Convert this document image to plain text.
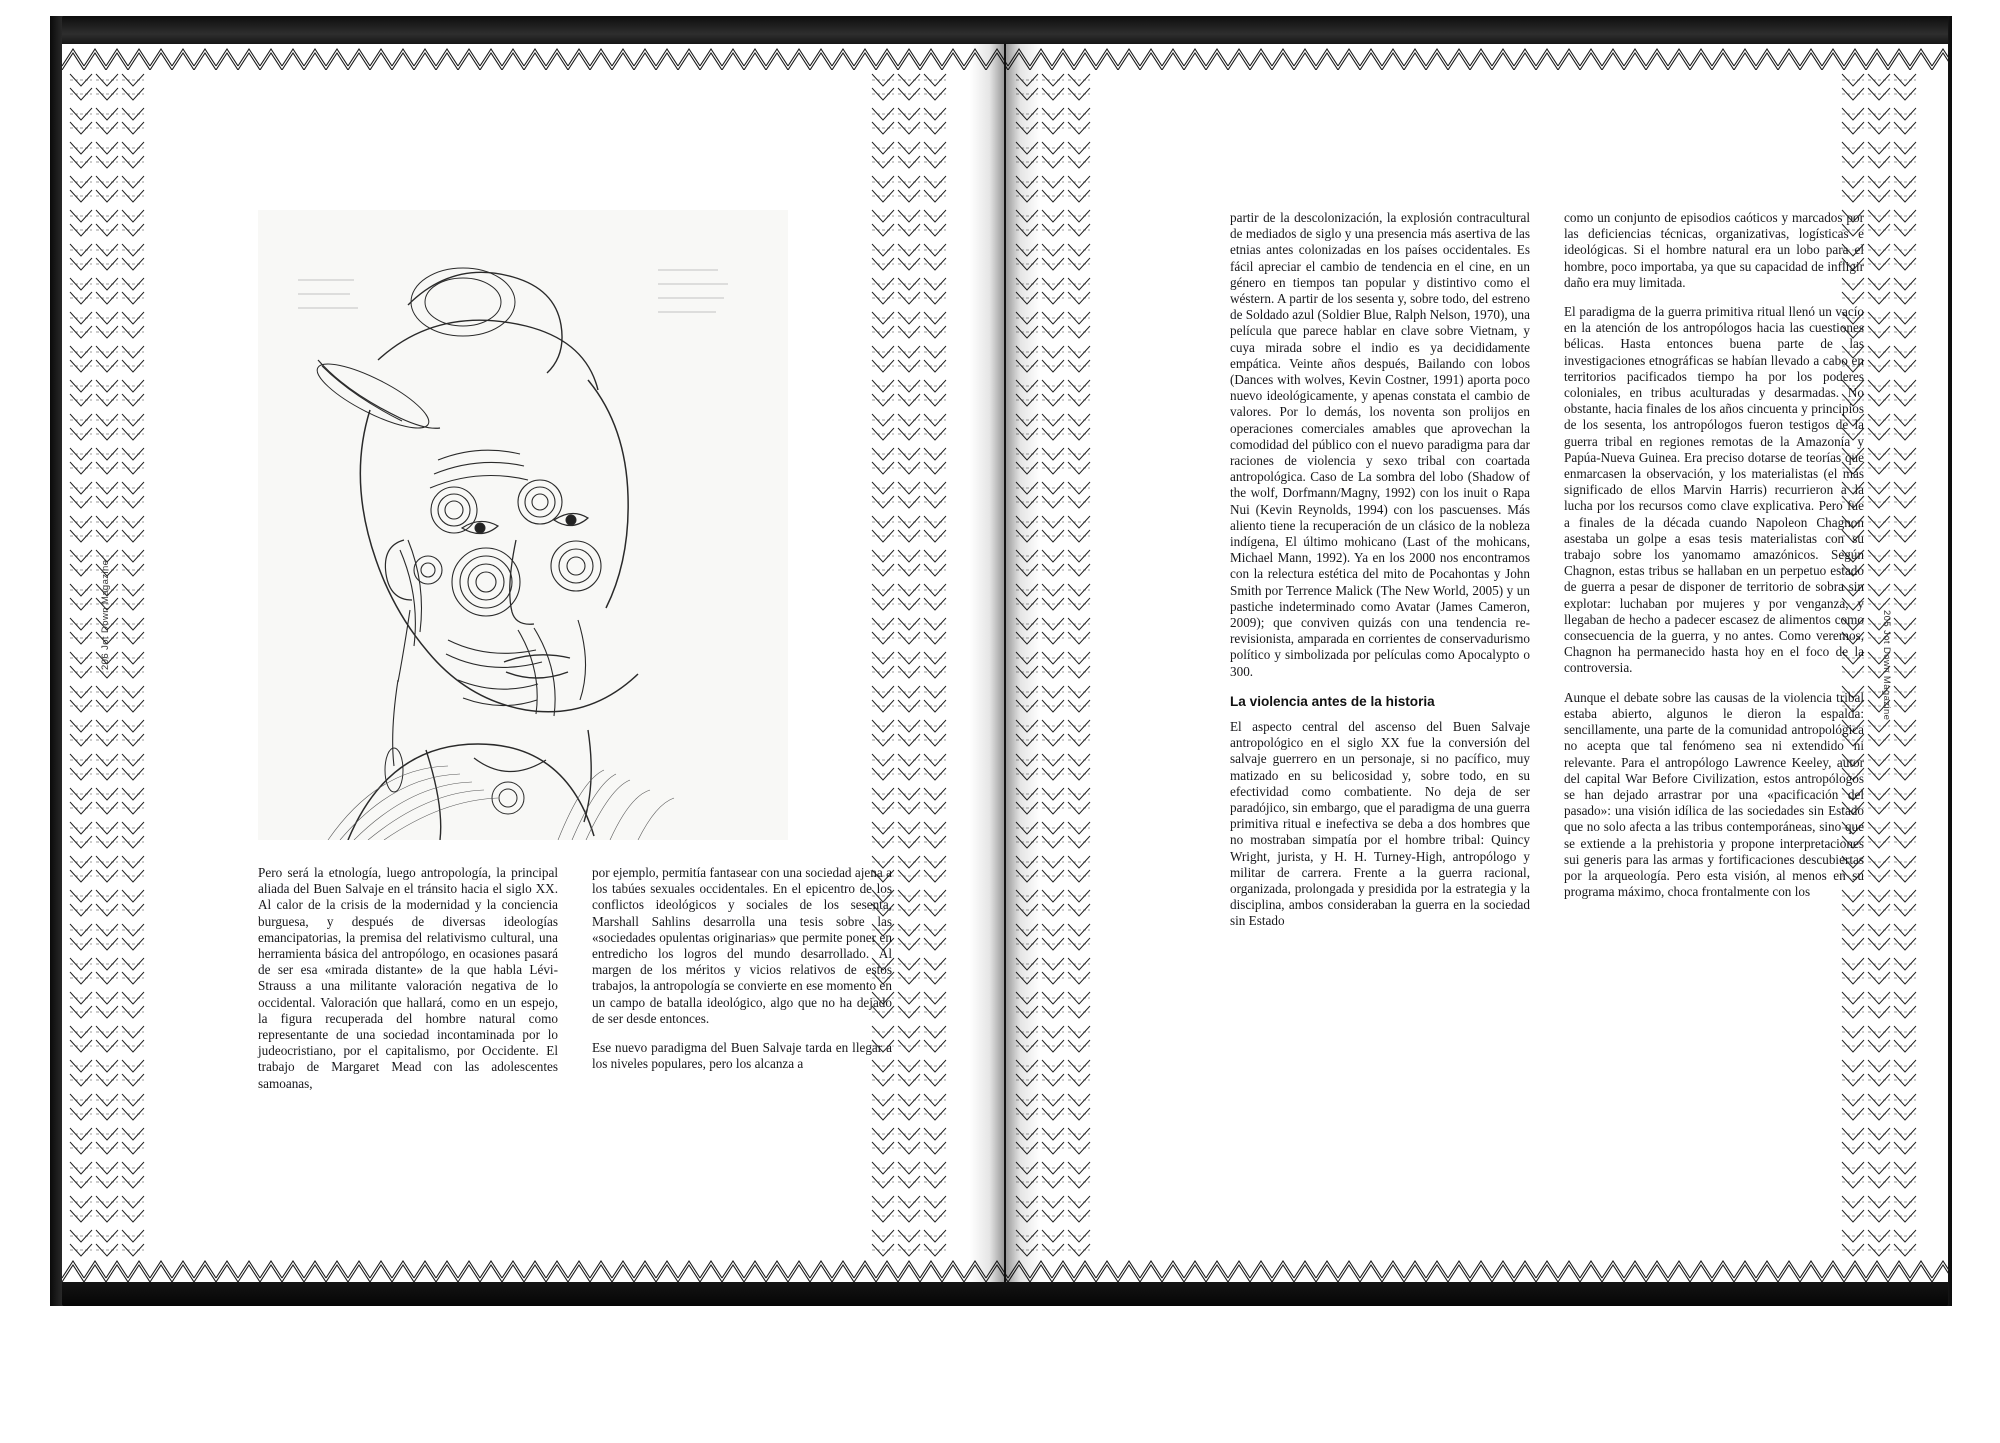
Pero será la etnología, luego antropología, la principal aliada del Buen Salvaje en el tránsito hacia el siglo XX. Al calor de la crisis de la modernidad y la conciencia burguesa, y después de diversas ideologías emancipatorias, la premisa del relativismo cultural, una herramienta básica del antropólogo, en ocasiones pasará de ser esa «mirada distante» de la que habla Lévi-Strauss a una militante valoración negativa de lo occidental. Valoración que hallará, como en un espejo, la figura recuperada del hombre natural como representante de una sociedad incontaminada por lo judeocristiano, por el capitalismo, por Occidente. El trabajo de Margaret Mead con las adolescentes samoanas,

por ejemplo, permitía fantasear con una sociedad ajena a los tabúes sexuales occidentales. En el epicentro de los conflictos ideológicos y sociales de los sesenta, Marshall Sahlins desarrolla una tesis sobre las «sociedades opulentas originarias» que permite poner en entredicho los logros del mundo desarrollado. Al margen de los méritos y vicios relativos de estos trabajos, la antropología se convierte en ese momento en un campo de batalla ideológico, algo que no ha dejado de ser desde entonces.

Ese nuevo paradigma del Buen Salvaje tarda en llegar a los niveles populares, pero los alcanza a

partir de la descolonización, la explosión contracultural de mediados de siglo y una presencia más asertiva de las etnias antes colonizadas en los países occidentales. Es fácil apreciar el cambio de tendencia en el cine, en un género en tiempos tan popular y distintivo como el wéstern. A partir de los sesenta y, sobre todo, del estreno de Soldado azul (Soldier Blue, Ralph Nelson, 1970), una película que parece hablar en clave sobre Vietnam, y cuya mirada sobre el indio es ya decididamente empática. Veinte años después, Bailando con lobos (Dances with wolves, Kevin Costner, 1991) aporta poco nuevo ideológicamente, y apenas constata el cambio de valores. Por lo demás, los noventa son prolijos en operaciones comerciales amables que aprovechan la comodidad del público con el nuevo paradigma para dar raciones de violencia y sexo tribal con coartada antropológica. Caso de La sombra del lobo (Shadow of the wolf, Dorfmann/Magny, 1992) con los inuit o Rapa Nui (Kevin Reynolds, 1994) con los pascuenses. Más aliento tiene la recuperación de un clásico de la nobleza indígena, El último mohicano (Last of the mohicans, Michael Mann, 1992). Ya en los 2000 nos encontramos con la relectura estética del mito de Pocahontas y John Smith por Terrence Malick (The New World, 2005) y un pastiche indeterminado como Avatar (James Cameron, 2009); que conviven quizás con una tendencia re-revisionista, amparada en corrientes de conservadurismo político y simbolizada por películas como Apocalypto o 300.

La violencia antes de la historia

El aspecto central del ascenso del Buen Salvaje antropológico en el siglo XX fue la conversión del salvaje guerrero en un personaje, si no pacífico, muy matizado en su belicosidad y, sobre todo, en su efectividad como combatiente. No deja de ser paradójico, sin embargo, que el paradigma de una guerra primitiva ritual e inefectiva se deba a dos hombres que no mostraban simpatía por el hombre tribal: Quincy Wright, jurista, y H. H. Turney-High, antropólogo y militar de carrera. Frente a la guerra racional, organizada, prolongada y presidida por la estrategia y la disciplina, ambos consideraban la guerra en la sociedad sin Estado

como un conjunto de episodios caóticos y marcados por las deficiencias técnicas, organizativas, logísticas e ideológicas. Si el hombre natural era un lobo para el hombre, poco importaba, ya que su capacidad de infligir daño era muy limitada.

El paradigma de la guerra primitiva ritual llenó un vacío en la atención de los antropólogos hacia las cuestiones bélicas. Hasta entonces buena parte de las investigaciones etnográficas se habían llevado a cabo en territorios pacificados tiempo ha por los poderes coloniales, en tribus aculturadas y desarmadas. No obstante, hacia finales de los años cincuenta y principios de los sesenta, los antropólogos fueron testigos de la guerra tribal en regiones remotas de la Amazonía y Papúa-Nueva Guinea. Era preciso dotarse de teorías que enmarcasen la observación, y los materialistas (el más significado de ellos Marvin Harris) recurrieron a la lucha por los recursos como clave explicativa. Pero fue a finales de la década cuando Napoleon Chagnon asestaba un golpe a esas tesis materialistas con su trabajo sobre los yanomamo amazónicos. Según Chagnon, estas tribus se hallaban en un perpetuo estado de guerra a pesar de disponer de territorio de sobra sin explotar: luchaban por mujeres y por venganza, y llegaban de hecho a padecer escasez de alimentos como consecuencia de la guerra, y no antes. Como veremos, Chagnon ha permanecido hasta hoy en el foco de la controversia.

Aunque el debate sobre las causas de la violencia tribal estaba abierto, algunos le dieron la espalda: sencillamente, una parte de la comunidad antropológica no acepta que tal fenómeno sea ni extendido ni relevante. Para el antropólogo Lawrence Keeley, autor del capital War Before Civilization, estos antropólogos se han dejado arrastrar por una «pacificación del pasado»: una visión idílica de las sociedades sin Estado que no solo afecta a las tribus contemporáneas, sino que se extiende a la prehistoria y propone interpretaciones sui generis para las armas y fortificaciones descubiertas por la arqueología. Pero esta visión, al menos en su programa máximo, choca frontalmente con los

206 Jot Down Magazine	205 Jot Down Magazine
